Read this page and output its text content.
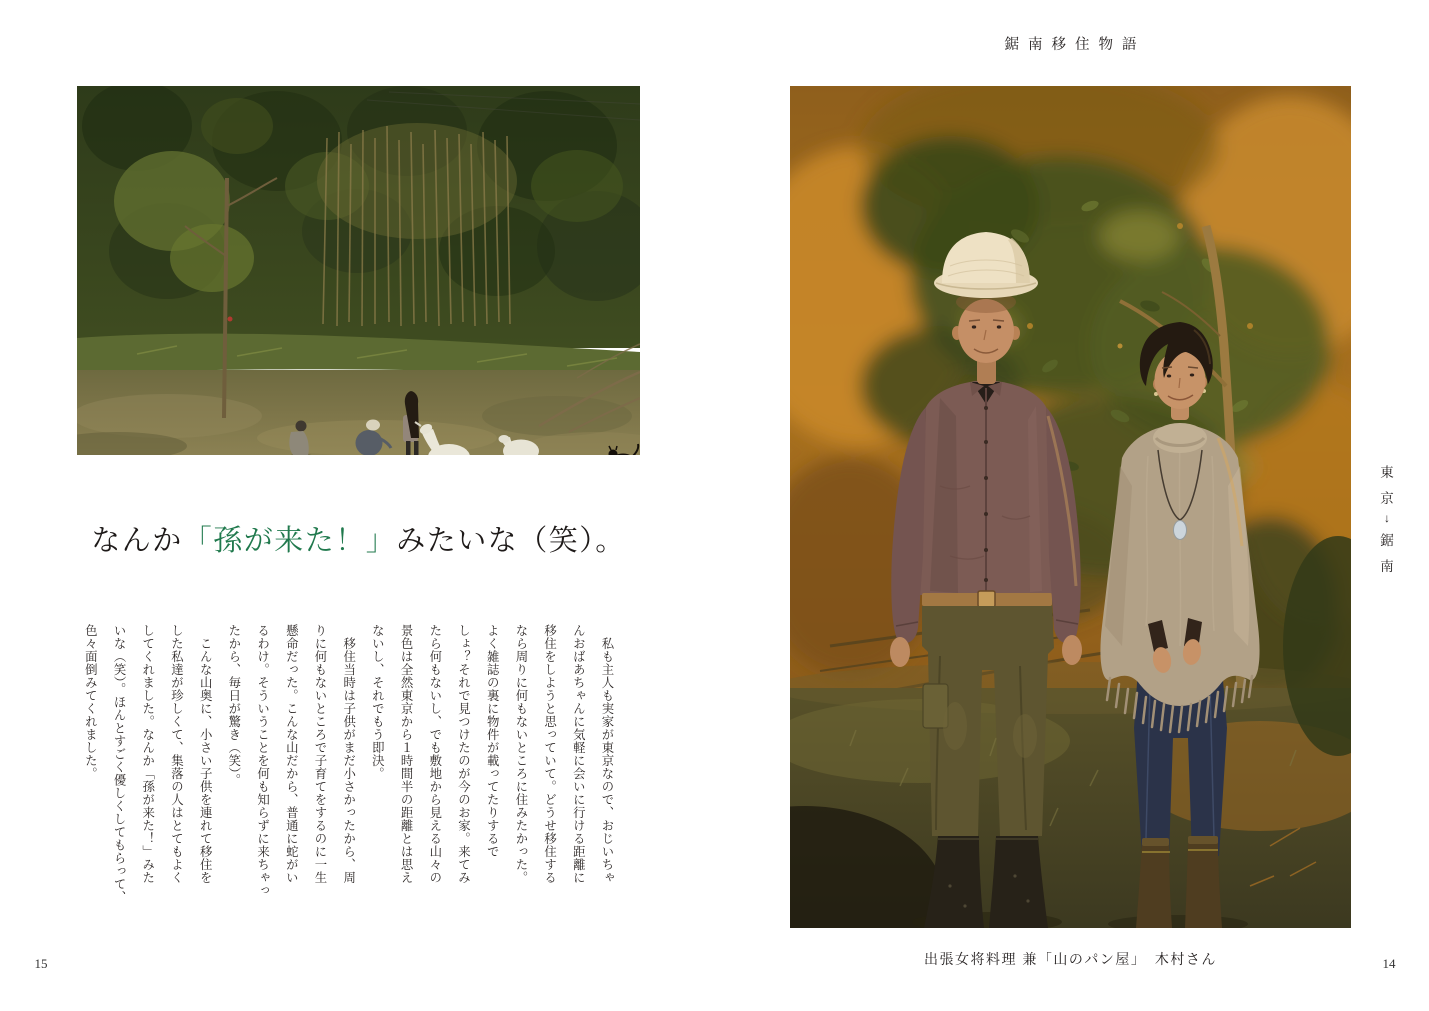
鋸南移住物語
なんか「孫が来た！」みたいな（笑）。
　私も主人も実家が東京なので、おじいちゃ
んおばあちゃんに気軽に会いに行ける距離に
移住をしようと思っていて。どうせ移住する
なら周りに何もないところに住みたかった。
よく雑誌の裏に物件が載ってたりするで
しょ？それで見つけたのが今のお家。来てみ
たら何もないし、でも敷地から見える山々の
景色は全然東京から１時間半の距離とは思え
ないし、それでもう即決。
　移住当時は子供がまだ小さかったから、周
りに何もないところで子育てをするのに一生
懸命だった。こんな山だから、普通に蛇がい
るわけ。そういうことを何も知らずに来ちゃっ
たから、毎日が驚き（笑）。
　こんな山奥に、小さい子供を連れて移住を
した私達が珍しくて、集落の人はとてもよく
してくれました。なんか「孫が来た！」みた
いな（笑）。ほんとすごく優しくしてもらって、
色々面倒みてくれました。
出張女将料理 兼「山のパン屋」　木村さん
東
京
↓
鋸
南
15	14
